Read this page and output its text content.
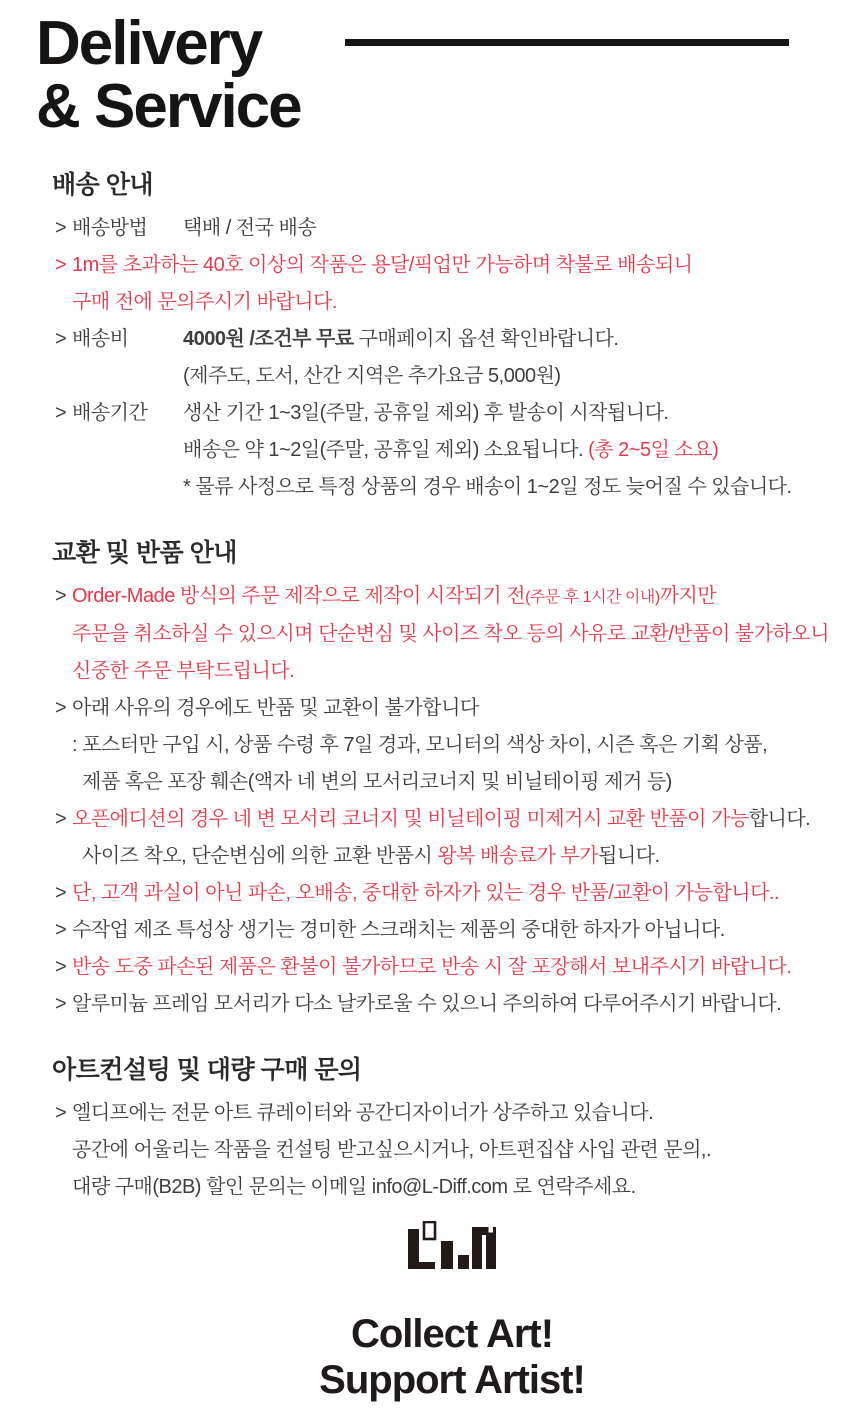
Delivery
& Service
배송 안내
> 배송방법	택배 / 전국 배송
> 1m를 초과하는 40호 이상의 작품은 용달/픽업만 가능하며 착불로 배송되니
구매 전에 문의주시기 바랍니다.
> 배송비	4000원 /조건부 무료 구매페이지 옵션 확인바랍니다.
(제주도, 도서, 산간 지역은 추가요금 5,000원)
> 배송기간	생산 기간 1~3일(주말, 공휴일 제외) 후 발송이 시작됩니다.
배송은 약 1~2일(주말, 공휴일 제외) 소요됩니다. (총 2~5일 소요)
* 물류 사정으로 특정 상품의 경우 배송이 1~2일 정도 늦어질 수 있습니다.
교환 및 반품 안내
> Order-Made 방식의 주문 제작으로 제작이 시작되기 전(주문 후 1시간 이내)까지만
주문을 취소하실 수 있으시며 단순변심 및 사이즈 착오 등의 사유로 교환/반품이 불가하오니
신중한 주문 부탁드립니다.
> 아래 사유의 경우에도 반품 및 교환이 불가합니다
: 포스터만 구입 시, 상품 수령 후 7일 경과, 모니터의 색상 차이, 시즌 혹은 기획 상품,
제품 혹은 포장 훼손(액자 네 변의 모서리코너지 및 비닐테이핑 제거 등)
> 오픈에디션의 경우 네 변 모서리 코너지 및 비닐테이핑 미제거시 교환 반품이 가능합니다.
사이즈 착오, 단순변심에 의한 교환 반품시 왕복 배송료가 부가됩니다.
> 단, 고객 과실이 아닌 파손, 오배송, 중대한 하자가 있는 경우 반품/교환이 가능합니다..
> 수작업 제조 특성상 생기는 경미한 스크래치는 제품의 중대한 하자가 아닙니다.
> 반송 도중 파손된 제품은 환불이 불가하므로 반송 시 잘 포장해서 보내주시기 바랍니다.
> 알루미늄 프레임 모서리가 다소 날카로울 수 있으니 주의하여 다루어주시기 바랍니다.
아트컨설팅 및 대량 구매 문의
> 엘디프에는 전문 아트 큐레이터와 공간디자이너가 상주하고 있습니다.
공간에 어울리는 작품을 컨설팅 받고싶으시거나, 아트편집샵 사입 관련 문의,.
대량 구매(B2B) 할인 문의는 이메일 info@L-Diff.com 로 연락주세요.
Collect Art!
Support Artist!
